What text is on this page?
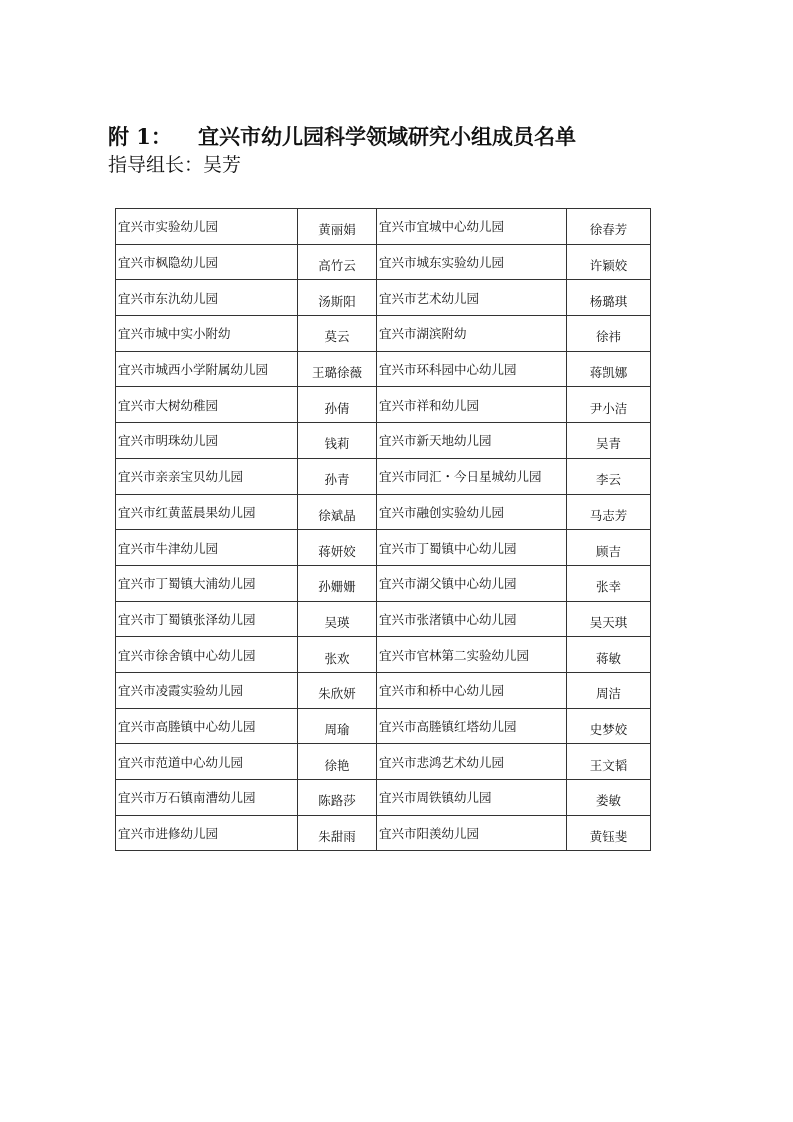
附 1： 宜兴市幼儿园科学领域研究小组成员名单
指导组长：吴芳
宜兴市实验幼儿园	黄丽娟	宜兴市宜城中心幼儿园	徐春芳
宜兴市枫隐幼儿园	高竹云	宜兴市城东实验幼儿园	许颖姣
宜兴市东氿幼儿园	汤斯阳	宜兴市艺术幼儿园	杨璐琪
宜兴市城中实小附幼	莫云	宜兴市湖滨附幼	徐祎
宜兴市城西小学附属幼儿园	王璐徐薇	宜兴市环科园中心幼儿园	蒋凯娜
宜兴市大树幼稚园	孙倩	宜兴市祥和幼儿园	尹小洁
宜兴市明珠幼儿园	钱莉	宜兴市新天地幼儿园	吴青
宜兴市亲亲宝贝幼儿园	孙青	宜兴市同汇・今日星城幼儿园	李云
宜兴市红黄蓝晨果幼儿园	徐斌晶	宜兴市融创实验幼儿园	马志芳
宜兴市牛津幼儿园	蒋妍姣	宜兴市丁蜀镇中心幼儿园	顾吉
宜兴市丁蜀镇大浦幼儿园	孙姗姗	宜兴市湖父镇中心幼儿园	张幸
宜兴市丁蜀镇张泽幼儿园	吴瑛	宜兴市张渚镇中心幼儿园	吴天琪
宜兴市徐舍镇中心幼儿园	张欢	宜兴市官林第二实验幼儿园	蒋敏
宜兴市凌霞实验幼儿园	朱欣妍	宜兴市和桥中心幼儿园	周洁
宜兴市高塍镇中心幼儿园	周瑜	宜兴市高塍镇红塔幼儿园	史梦姣
宜兴市范道中心幼儿园	徐艳	宜兴市悲鸿艺术幼儿园	王文韬
宜兴市万石镇南漕幼儿园	陈路莎	宜兴市周铁镇幼儿园	娄敏
宜兴市进修幼儿园	朱甜雨	宜兴市阳羡幼儿园	黄钰斐
